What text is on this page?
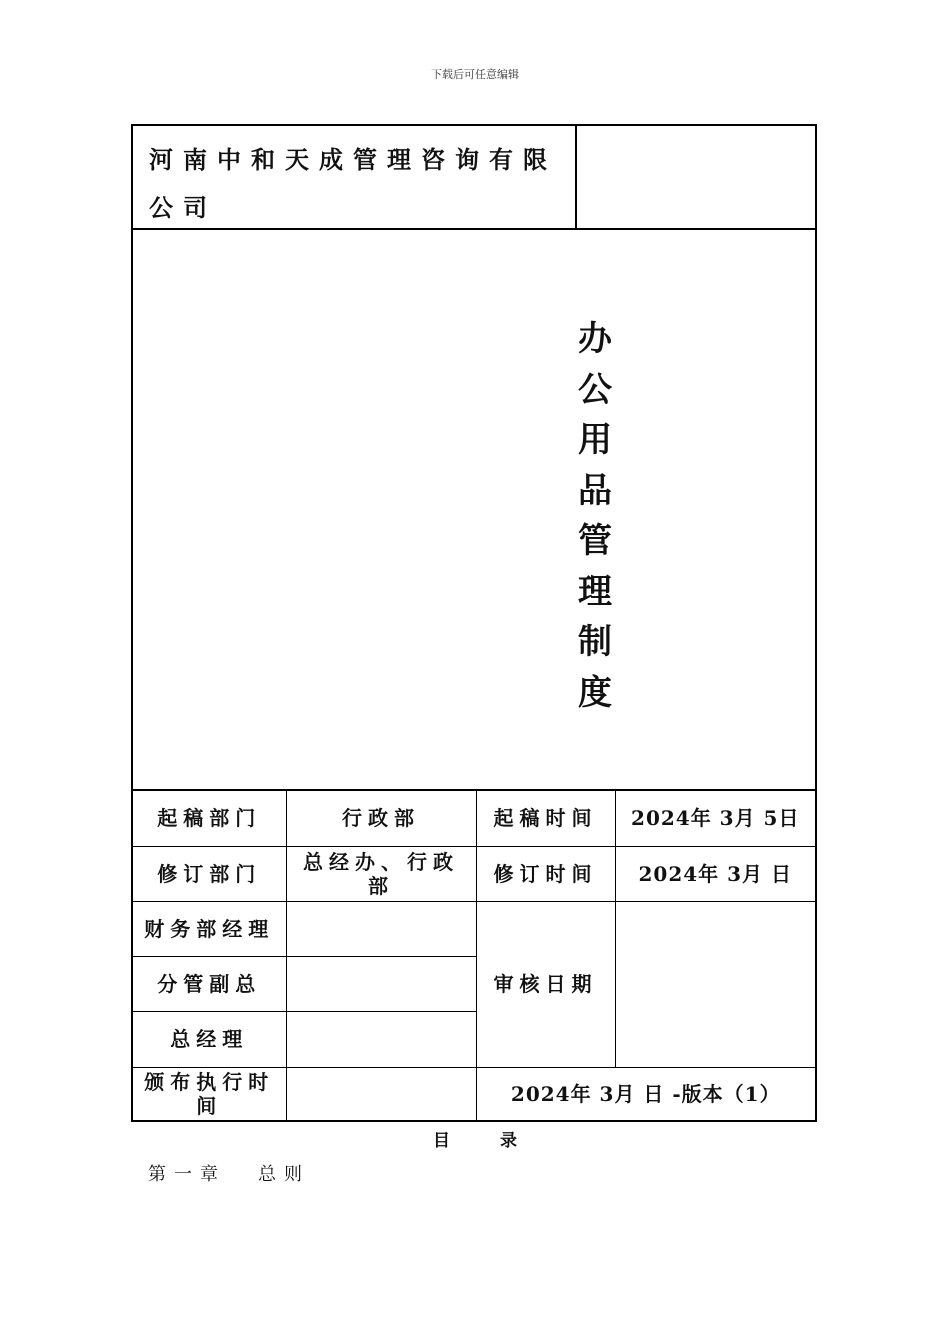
下载后可任意编辑
河南中和天成管理咨询有限公司
办公用品管理制度
起稿部门	行政部	起稿时间	2024年 3月 5日
修订部门	总经办、行政部	修订时间	2024年 3月 日
财务部经理		审核日期	
分管副总			
总经理			
颁布执行时间		2024年 3月 日 -版本（1）	
目录
第一章 总则
